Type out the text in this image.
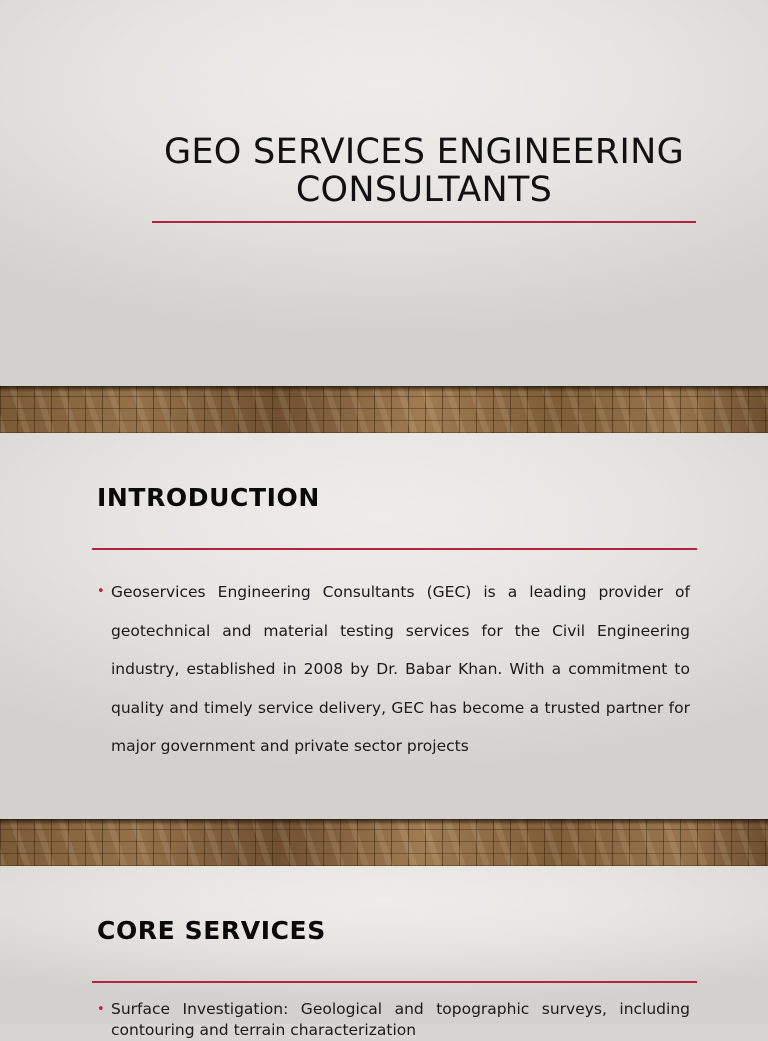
GEO SERVICES ENGINEERING CONSULTANTS
INTRODUCTION
• Geoservices Engineering Consultants (GEC) is a leading provider of geotechnical and material testing services for the Civil Engineering industry, established in 2008 by Dr. Babar Khan. With a commitment to quality and timely service delivery, GEC has become a trusted partner for major government and private sector projects
CORE SERVICES
• Surface Investigation: Geological and topographic surveys, including contouring and terrain characterization
